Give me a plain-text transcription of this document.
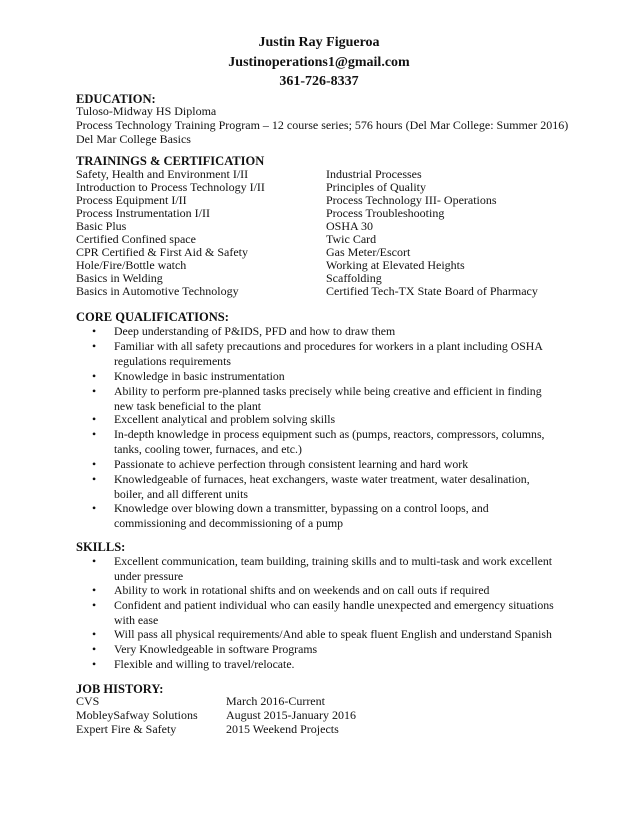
Justin Ray Figueroa
Justinoperations1@gmail.com
361-726-8337
EDUCATION:
Tuloso-Midway HS Diploma
Process Technology Training Program – 12 course series; 576 hours (Del Mar College: Summer 2016)
Del Mar College Basics
TRAININGS & CERTIFICATION
Safety, Health and Environment I/II
Introduction to Process Technology I/II
Process Equipment I/II
Process Instrumentation I/II
Basic Plus
Certified Confined space
CPR Certified & First Aid & Safety
Hole/Fire/Bottle watch
Basics in Welding
Basics in Automotive Technology
Industrial Processes
Principles of Quality
Process Technology III- Operations
Process Troubleshooting
OSHA 30
Twic Card
Gas Meter/Escort
Working at Elevated Heights
Scaffolding
Certified Tech-TX State Board of Pharmacy
CORE QUALIFICATIONS:
• Deep understanding of P&IDS, PFD and how to draw them
• Familiar with all safety precautions and procedures for workers in a plant including OSHA regulations requirements
• Knowledge in basic instrumentation
• Ability to perform pre-planned tasks precisely while being creative and efficient in finding new task beneficial to the plant
• Excellent analytical and problem solving skills
• In-depth knowledge in process equipment such as (pumps, reactors, compressors, columns, tanks, cooling tower, furnaces, and etc.)
• Passionate to achieve perfection through consistent learning and hard work
• Knowledgeable of furnaces, heat exchangers, waste water treatment, water desalination, boiler, and all different units
• Knowledge over blowing down a transmitter, bypassing on a control loops, and commissioning and decommissioning of a pump
SKILLS:
• Excellent communication, team building, training skills and to multi-task and work excellent under pressure
• Ability to work in rotational shifts and on weekends and on call outs if required
• Confident and patient individual who can easily handle unexpected and emergency situations with ease
• Will pass all physical requirements/And able to speak fluent English and understand Spanish
• Very Knowledgeable in software Programs
• Flexible and willing to travel/relocate.
JOB HISTORY:
CVS	March 2016-Current
MobleySafway Solutions August 2015-January 2016
Expert Fire & Safety	2015 Weekend Projects
